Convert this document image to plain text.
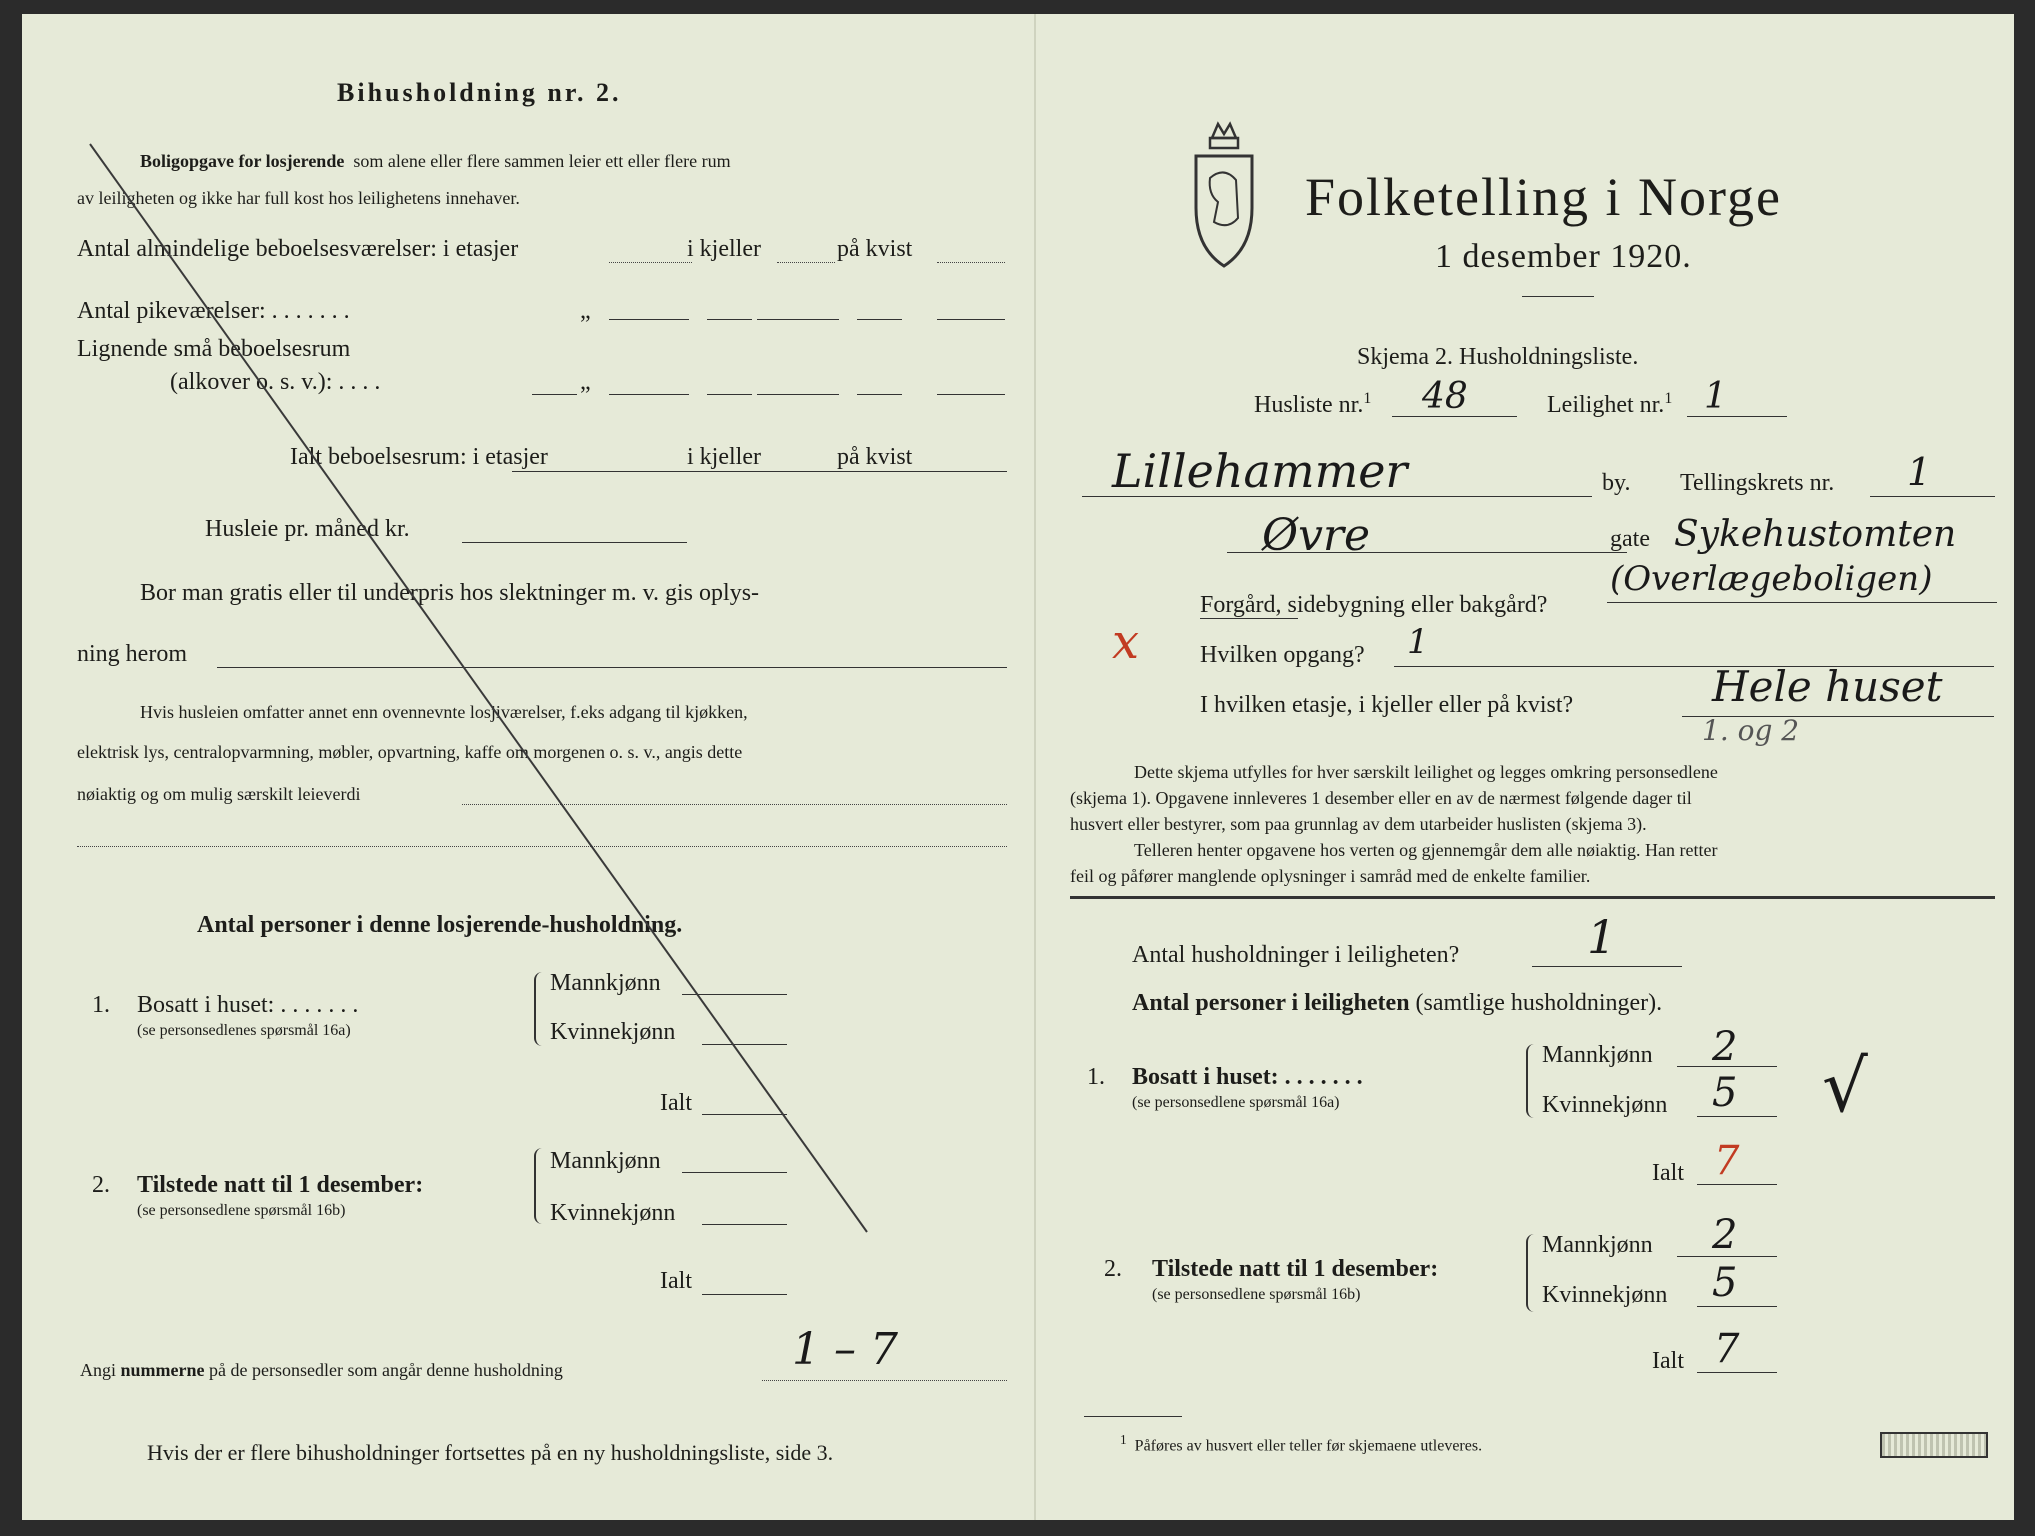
Bihusholdning nr. 2.
Boligopgave for losjerende som alene eller flere sammen leier ett eller flere rum
av leiligheten og ikke har full kost hos leilighetens innehaver.
Antal almindelige beboelsesværelser: i etasjer	i kjeller	på kvist
Antal pikeværelser: . . . . . . .	„
Lignende små beboelsesrum
(alkover o. s. v.): . . . .	„
Ialt beboelsesrum: i etasjer	i kjeller	på kvist
Husleie pr. måned kr.
Bor man gratis eller til underpris hos slektninger m. v. gis oplys-
ning herom
Hvis husleien omfatter annet enn ovennevnte losjiværelser, f.eks adgang til kjøkken,
elektrisk lys, centralopvarmning, møbler, opvartning, kaffe om morgenen o. s. v., angis dette
nøiaktig og om mulig særskilt leieverdi
Antal personer i denne losjerende-husholdning.
1. Bosatt i huset: . . . . . . .
(se personsedlenes spørsmål 16a)
Mannkjønn
Kvinnekjønn
Ialt
2. Tilstede natt til 1 desember:
(se personsedlene spørsmål 16b)
Mannkjønn
Kvinnekjønn
Ialt
Angi nummerne på de personsedler som angår denne husholdning	1 – 7
Hvis der er flere bihusholdninger fortsettes på en ny husholdningsliste, side 3.
Folketelling i Norge
1 desember 1920.
Skjema 2. Husholdningsliste.
Husliste nr.$^1$ 48	Leilighet nr.$^1$ 1
Lillehammer	by. Tellingskrets nr. 1
Øvre	gate Sykehustomten
(Overlægeboligen)
x
Forgård, sidebygning eller bakgård?
Hvilken opgang? 1
I hvilken etasje, i kjeller eller på kvist?	Hele huset
1. og 2
Dette skjema utfylles for hver særskilt leilighet og legges omkring personsedlene
(skjema 1). Opgavene innleveres 1 desember eller en av de nærmest følgende dager til
husvert eller bestyrer, som paa grunnlag av dem utarbeider huslisten (skjema 3).
Telleren henter opgavene hos verten og gjennemgår dem alle nøiaktig. Han retter
feil og påfører manglende oplysninger i samråd med de enkelte familier.
Antal husholdninger i leiligheten?	1
Antal personer i leiligheten (samtlige husholdninger).
1. Bosatt i huset: . . . . . . .
(se personsedlene spørsmål 16a)
Mannkjønn 2
Kvinnekjønn 5
Ialt 7
√
2. Tilstede natt til 1 desember:
(se personsedlene spørsmål 16b)
Mannkjønn 2
Kvinnekjønn 5
Ialt 7
$^1$ Påføres av husvert eller teller før skjemaene utleveres.
